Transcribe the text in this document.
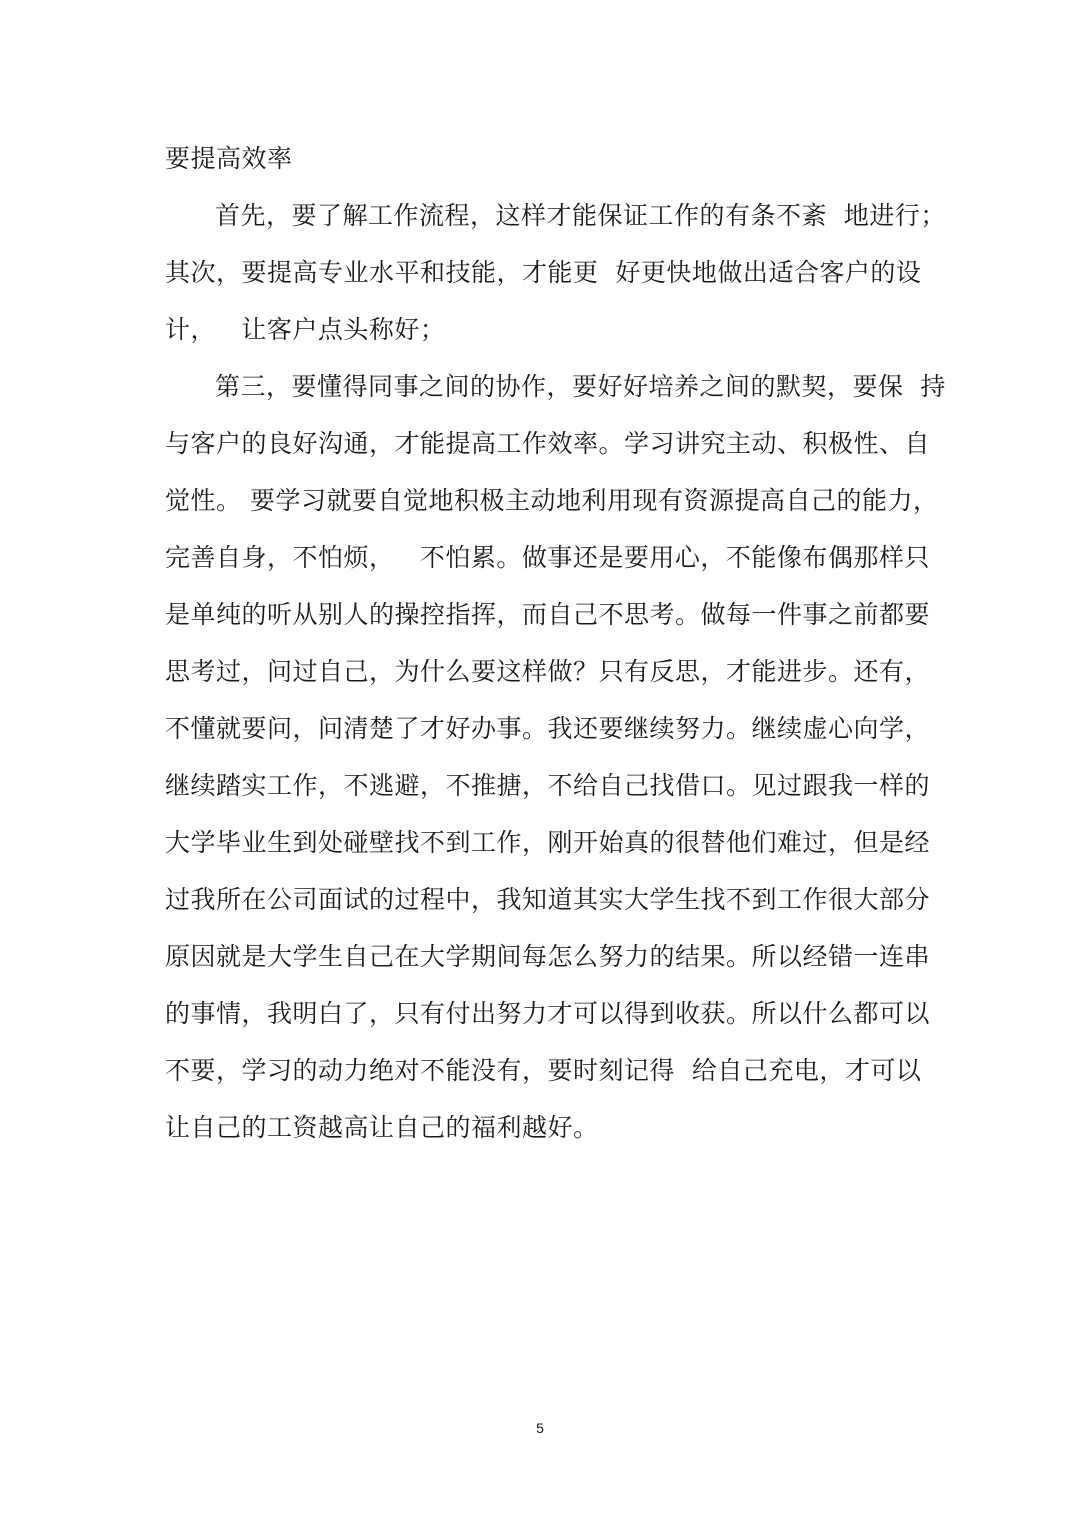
要提高效率
首先，要了解工作流程，这样才能保证工作的有条不紊  地进行；
其次，要提高专业水平和技能，才能更  好更快地做出适合客户的设
计，   让客户点头称好；
第三，要懂得同事之间的协作，要好好培养之间的默契，要保  持
与客户的良好沟通，才能提高工作效率。学习讲究主动、积极性、自
觉性。 要学习就要自觉地积极主动地利用现有资源提高自己的能力，
完善自身，不怕烦，   不怕累。做事还是要用心，不能像布偶那样只
是单纯的听从别人的操控指挥，而自己不思考。做每一件事之前都要
思考过，问过自己，为什么要这样做？只有反思，才能进步。还有，
不懂就要问，问清楚了才好办事。我还要继续努力。继续虚心向学，
继续踏实工作，不逃避，不推搪，不给自己找借口。见过跟我一样的
大学毕业生到处碰壁找不到工作，刚开始真的很替他们难过，但是经
过我所在公司面试的过程中，我知道其实大学生找不到工作很大部分
原因就是大学生自己在大学期间每怎么努力的结果。所以经错一连串
的事情，我明白了，只有付出努力才可以得到收获。所以什么都可以
不要，学习的动力绝对不能没有，要时刻记得  给自己充电，才可以
让自己的工资越高让自己的福利越好。
5
